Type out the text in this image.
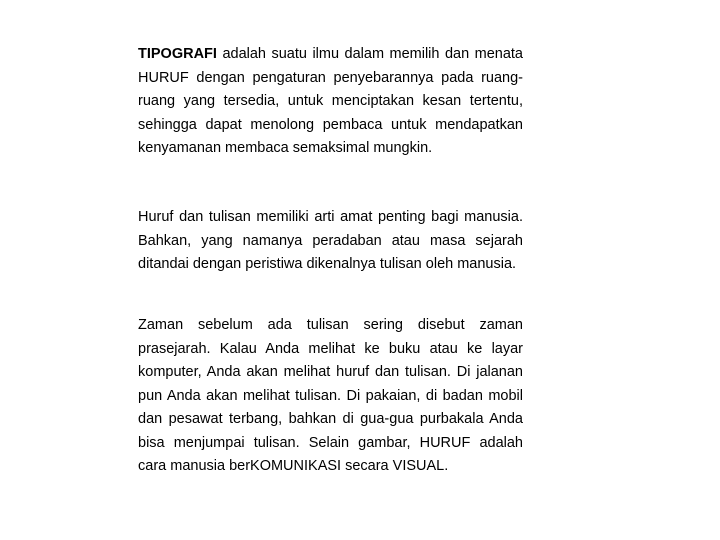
TIPOGRAFI adalah suatu ilmu dalam memilih dan menata HURUF dengan pengaturan penyebarannya pada ruang-ruang yang tersedia, untuk menciptakan kesan tertentu, sehingga dapat menolong pembaca untuk mendapatkan kenyamanan membaca semaksimal mungkin.
Huruf dan tulisan memiliki arti amat penting bagi manusia. Bahkan, yang namanya peradaban atau masa sejarah ditandai dengan peristiwa dikenalnya tulisan oleh manusia.
Zaman sebelum ada tulisan sering disebut zaman prasejarah. Kalau Anda melihat ke buku atau ke layar komputer, Anda akan melihat huruf dan tulisan. Di jalanan pun Anda akan melihat tulisan. Di pakaian, di badan mobil dan pesawat terbang, bahkan di gua-gua purbakala Anda bisa menjumpai tulisan. Selain gambar, HURUF adalah cara manusia berKOMUNIKASI secara VISUAL.
